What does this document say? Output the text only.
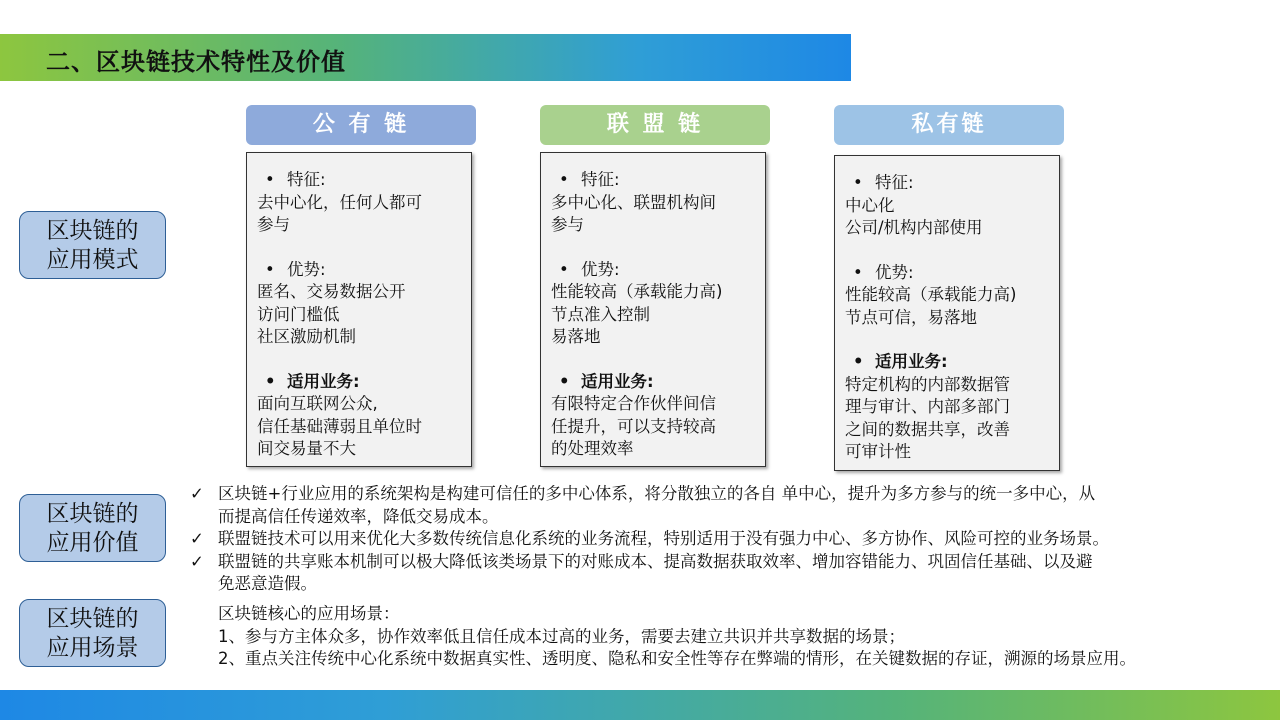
二、区块链技术特性及价值
公 有 链	联 盟 链	私有链
• 特征:
去中心化，任何人都可
参与
• 优势:
匿名、交易数据公开
访问门槛低
社区激励机制
• 适用业务:
面向互联网公众,
信任基础薄弱且单位时
间交易量不大
• 特征:
多中心化、联盟机构间
参与
• 优势:
性能较高（承载能力高)
节点准入控制
易落地
• 适用业务:
有限特定合作伙伴间信
任提升，可以支持较高
的处理效率
• 特征:
中心化
公司/机构内部使用
• 优势:
性能较高（承载能力高)
节点可信，易落地
• 适用业务:
特定机构的内部数据管
理与审计、内部多部门
之间的数据共享，改善
可审计性
区块链的
应用模式
区块链的
应用价值
区块链的
应用场景
✓ 区块链+行业应用的系统架构是构建可信任的多中心体系，将分散独立的各自 单中心，提升为多方参与的统一多中心，从
而提高信任传递效率，降低交易成本。
✓ 联盟链技术可以用来优化大多数传统信息化系统的业务流程，特别适用于没有强力中心、多方协作、风险可控的业务场景。
✓ 联盟链的共享账本机制可以极大降低该类场景下的对账成本、提高数据获取效率、增加容错能力、巩固信任基础、以及避
免恶意造假。
区块链核心的应用场景：
1、参与方主体众多，协作效率低且信任成本过高的业务，需要去建立共识并共享数据的场景；
2、重点关注传统中心化系统中数据真实性、透明度、隐私和安全性等存在弊端的情形，在关键数据的存证，溯源的场景应用。
